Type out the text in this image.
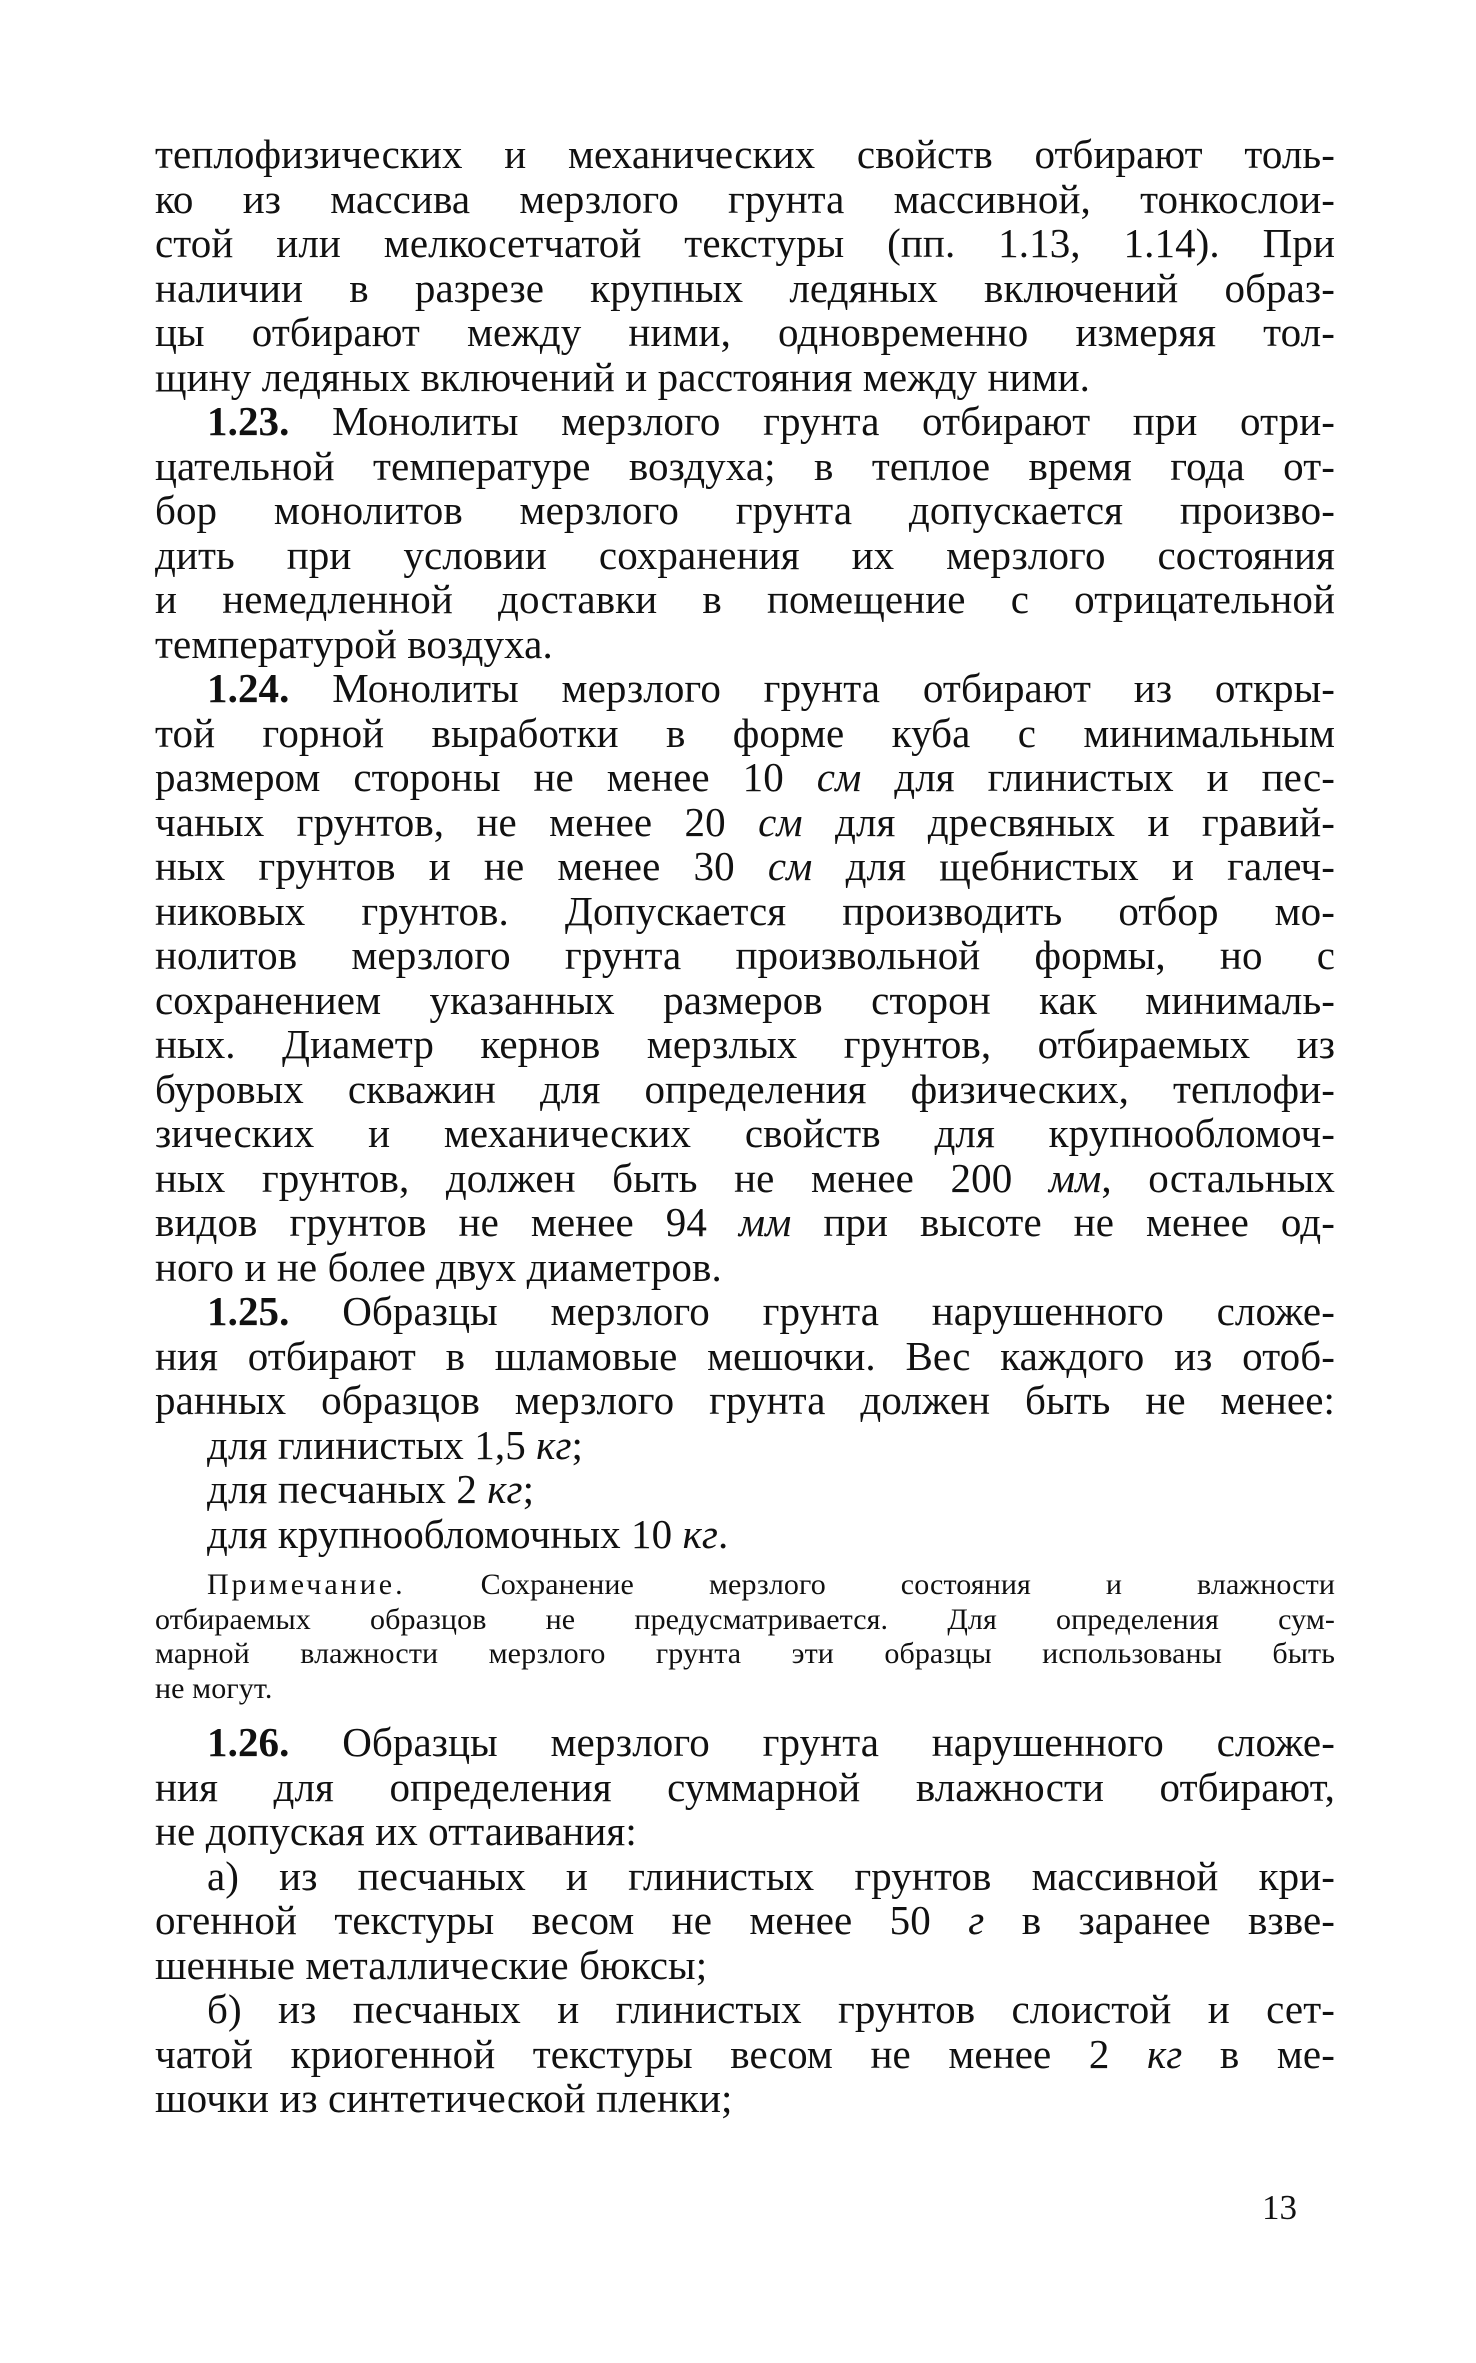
теплофизических и механических свойств отбирают толь-
ко из массива мерзлого грунта массивной, тонкослои-
стой или мелкосетчатой текстуры (пп. 1.13, 1.14). При
наличии в разрезе крупных ледяных включений образ-
цы отбирают между ними, одновременно измеряя тол-
щину ледяных включений и расстояния между ними.
1.23. Монолиты мерзлого грунта отбирают при отри-
цательной температуре воздуха; в теплое время года от-
бор монолитов мерзлого грунта допускается произво-
дить при условии сохранения их мерзлого состояния
и немедленной доставки в помещение с отрицательной
температурой воздуха.
1.24. Монолиты мерзлого грунта отбирают из откры-
той горной выработки в форме куба с минимальным
размером стороны не менее 10 см для глинистых и пес-
чаных грунтов, не менее 20 см для дресвяных и гравий-
ных грунтов и не менее 30 см для щебнистых и галеч-
никовых грунтов. Допускается производить отбор мо-
нолитов мерзлого грунта произвольной формы, но с
сохранением указанных размеров сторон как минималь-
ных. Диаметр кернов мерзлых грунтов, отбираемых из
буровых скважин для определения физических, теплофи-
зических и механических свойств для крупнообломоч-
ных грунтов, должен быть не менее 200 мм, остальных
видов грунтов не менее 94 мм при высоте не менее од-
ного и не более двух диаметров.
1.25. Образцы мерзлого грунта нарушенного сложе-
ния отбирают в шламовые мешочки. Вес каждого из отоб-
ранных образцов мерзлого грунта должен быть не менее:
для глинистых 1,5 кг;
для песчаных 2 кг;
для крупнообломочных 10 кг.
Примечание. Сохранение мерзлого состояния и влажности
отбираемых образцов не предусматривается. Для определения сум-
марной влажности мерзлого грунта эти образцы использованы быть
не могут.
1.26. Образцы мерзлого грунта нарушенного сложе-
ния для определения суммарной влажности отбирают,
не допуская их оттаивания:
а) из песчаных и глинистых грунтов массивной кри-
огенной текстуры весом не менее 50 г в заранее взве-
шенные металлические бюксы;
б) из песчаных и глинистых грунтов слоистой и сет-
чатой криогенной текстуры весом не менее 2 кг в ме-
шочки из синтетической пленки;
13
